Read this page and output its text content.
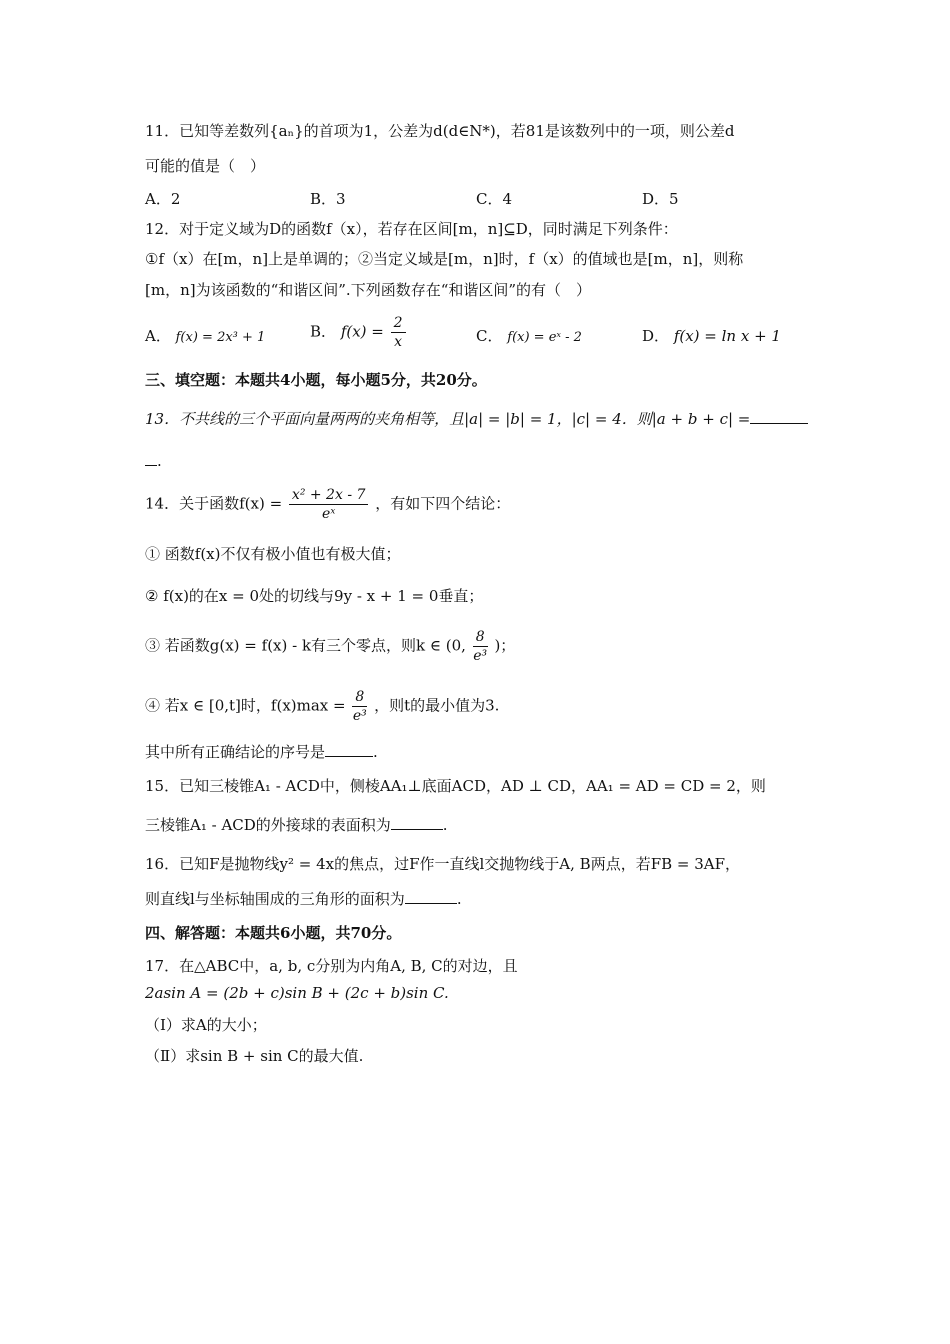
11．已知等差数列{aₙ}的首项为1，公差为d(d∈N*)，若81是该数列中的一项，则公差d
可能的值是（　）
A．2	B．3	C．4	D．5
12．对于定义域为D的函数f（x），若存在区间[m，n]⊆D，同时满足下列条件：
①f（x）在[m，n]上是单调的；②当定义域是[m，n]时，f（x）的值域也是[m，n]，则称
[m，n]为该函数的“和谐区间”.下列函数存在“和谐区间”的有（　）
A． f(x) = 2x³ + 1	B． $f(x) = \frac{2}{x}$	C． f(x) = eˣ - 2	D． f(x) = ln x + 1
三、填空题：本题共4小题，每小题5分，共20分。
13．不共线的三个平面向量两两的夹角相等，且|a| = |b| = 1，|c| = 4．则|a + b + c| =
.
14．关于函数$f(x) = \frac{\text{x² + 2x - 7}}{\text{eˣ}}$ ，有如下四个结论：
① 函数f(x)不仅有极小值也有极大值；
② f(x)的在x = 0处的切线与9y - x + 1 = 0垂直；
③ 若函数g(x) = f(x) - k有三个零点，则k ∈ (0, $\frac{8}{\text{e³}}$ )；
④ 若x ∈ [0,t]时，$f(x)\max = \frac{8}{\text{e³}}$ ，则t的最小值为3.
其中所有正确结论的序号是	.
15．已知三棱锥A₁ - ACD中，侧棱AA₁⊥底面ACD，AD ⊥ CD，AA₁ = AD = CD = 2，则
三棱锥A₁ - ACD的外接球的表面积为	.
16．已知F是抛物线y² = 4x的焦点，过F作一直线l交抛物线于A, B两点，若FB = 3AF，
则直线l与坐标轴围成的三角形的面积为	.
四、解答题：本题共6小题，共70分。
17．在△ABC中，a, b, c分别为内角A, B, C的对边，且
2asin A = (2b + c)sin B + (2c + b)sin C.
（Ⅰ）求A的大小；
（Ⅱ）求sin B + sin C的最大值.
